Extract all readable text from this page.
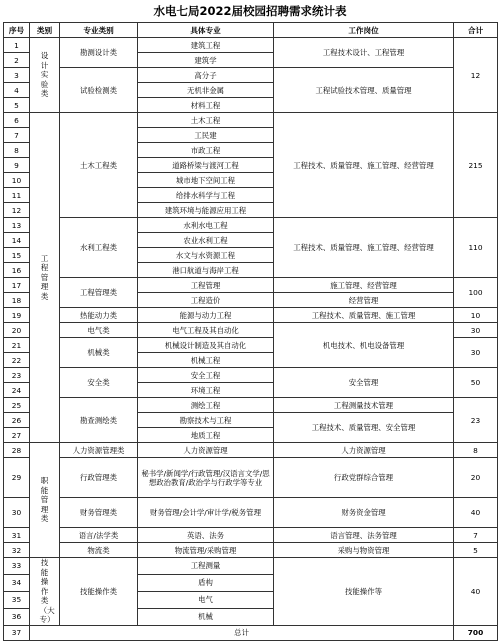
水电七局2022届校园招聘需求统计表
序号	类别	专业类别	具体专业	工作岗位	合计
1	设计实验类	勘测设计类	建筑工程	工程技术设计、工程管理	12
2			建筑学		
3		试验检测类	高分子	工程试验技术管理、质量管理	
4			无机非金属		
5			材料工程		
6	工程管理类	土木工程类	土木工程	工程技术、质量管理、施工管理、经营管理	215
7			工民建		
8			市政工程		
9			道路桥梁与渡河工程		
10			城市地下空间工程		
11			给排水科学与工程		
12			建筑环境与能源应用工程		
13		水利工程类	水利水电工程	工程技术、质量管理、施工管理、经营管理	110
14			农业水利工程		
15			水文与水资源工程		
16			港口航道与海岸工程		
17		工程管理类	工程管理	施工管理、经营管理	100
18			工程造价	经营管理	
19		热能动力类	能源与动力工程	工程技术、质量管理、施工管理	10
20		电气类	电气工程及其自动化	机电技术、机电设备管理	30
21		机械类	机械设计制造及其自动化		30
22			机械工程		
23		安全类	安全工程	安全管理	50
24			环境工程		
25		勘查测绘类	测绘工程	工程测量技术管理	23
26			勘察技术与工程	工程技术、质量管理、安全管理	
27			地质工程		
28	职能管理类	人力资源管理类	人力资源管理	人力资源管理	8
29		行政管理类	秘书学/新闻学/行政管理/汉语言文学/思想政治教育/政治学与行政学等专业	行政党群综合管理	20
30		财务管理类	财务管理/会计学/审计学/税务管理	财务资金管理	40
31		语言/法学类	英语、法务	语言管理、法务管理	7
32		物流类	物流管理/采购管理	采购与物资管理	5
33	技能操作类（大专）	技能操作类	工程测量	技能操作等	40
34			盾构		
35			电气		
36			机械		
37	总计				700
